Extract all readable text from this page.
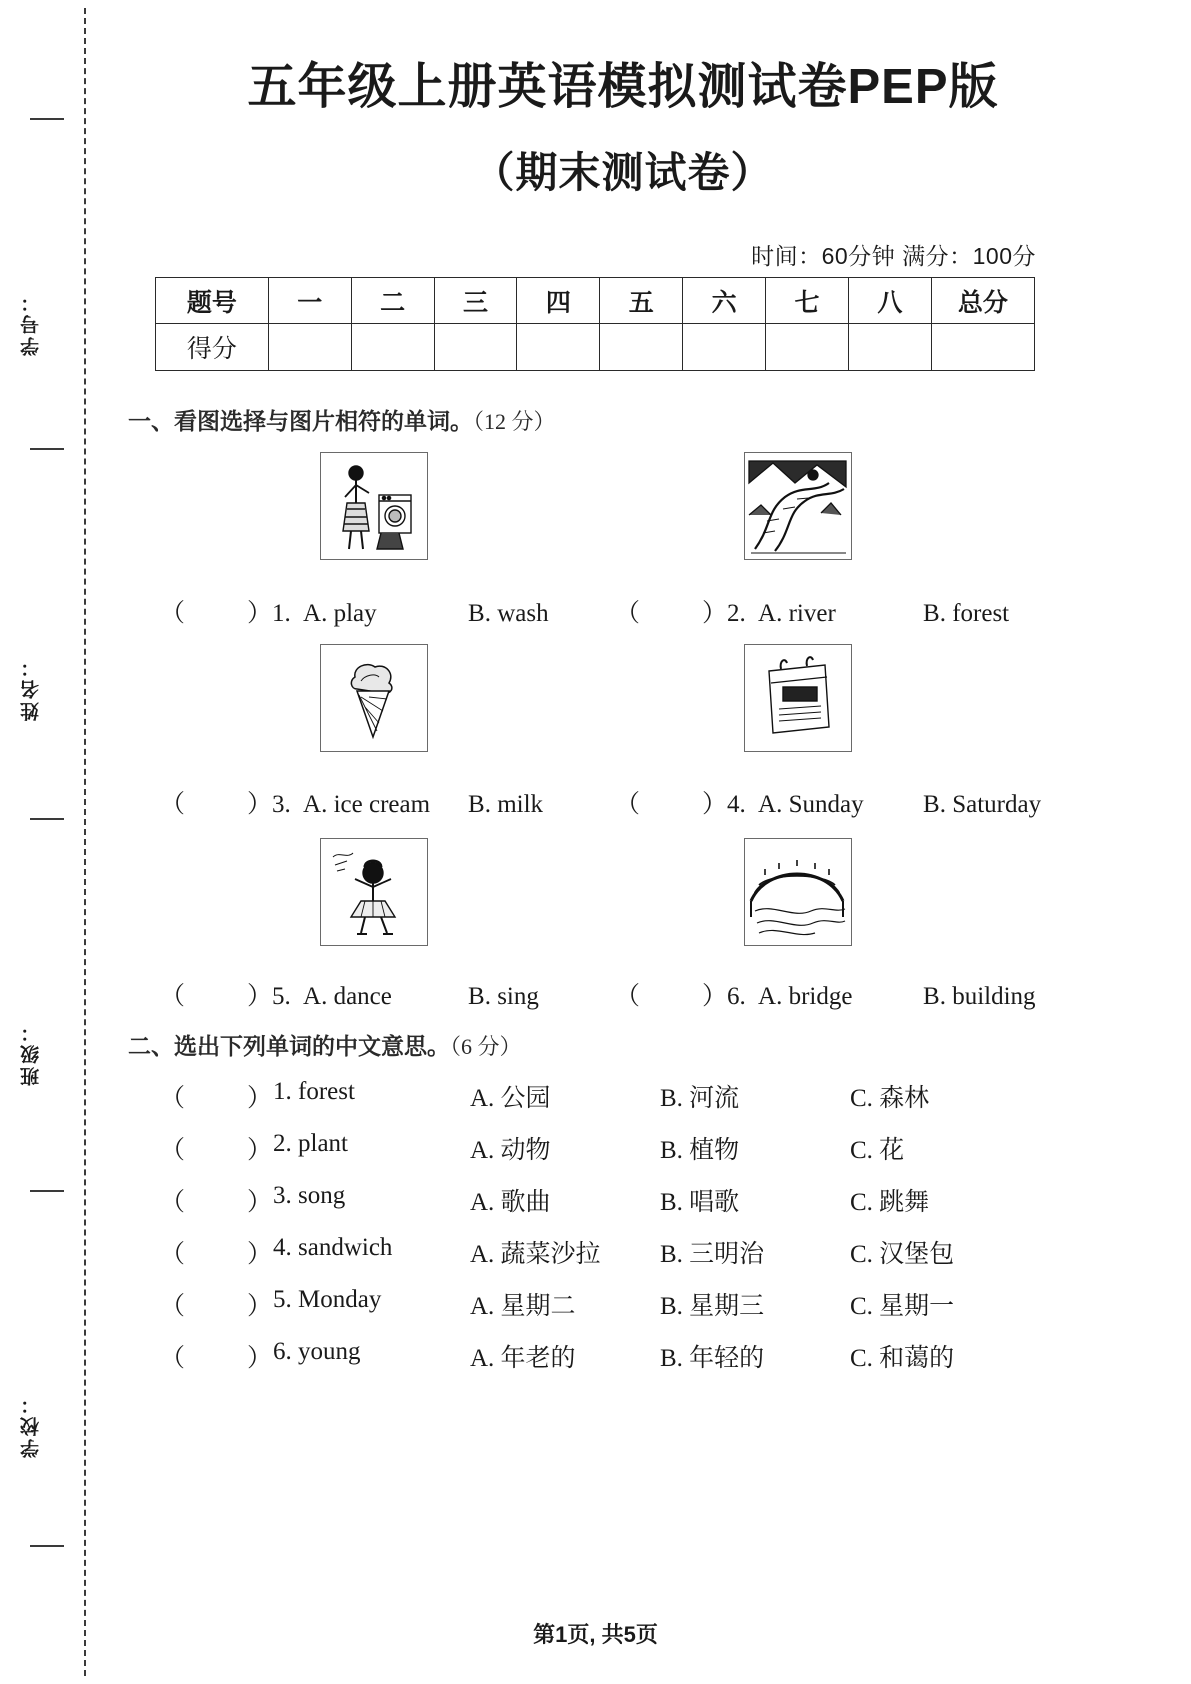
学号：
姓名：
班级：
学校：
五年级上册英语模拟测试卷PEP版
（期末测试卷）
时间：60分钟 满分：100分
题号	一	二	三	四	五	六	七	八	总分
得分									
一、看图选择与图片相符的单词。（12 分）
（ ）1. A. play	B. wash	（ ）2. A. river	B. forest
（ ）3. A. ice cream B. milk	（ ）4. A. Sunday B. Saturday
（ ）5. A. dance	B. sing	（ ）6. A. bridge	B. building
二、选出下列单词的中文意思。（6 分）
（ ） 1. forest	A. 公园	B. 河流	C. 森林
（ ） 2. plant	A. 动物	B. 植物	C. 花
（ ） 3. song	A. 歌曲	B. 唱歌	C. 跳舞
（ ） 4. sandwich	A. 蔬菜沙拉 B. 三明治	C. 汉堡包
（ ） 5. Monday	A. 星期二	B. 星期三	C. 星期一
（ ） 6. young	A. 年老的	B. 年轻的	C. 和蔼的
第1页, 共5页
